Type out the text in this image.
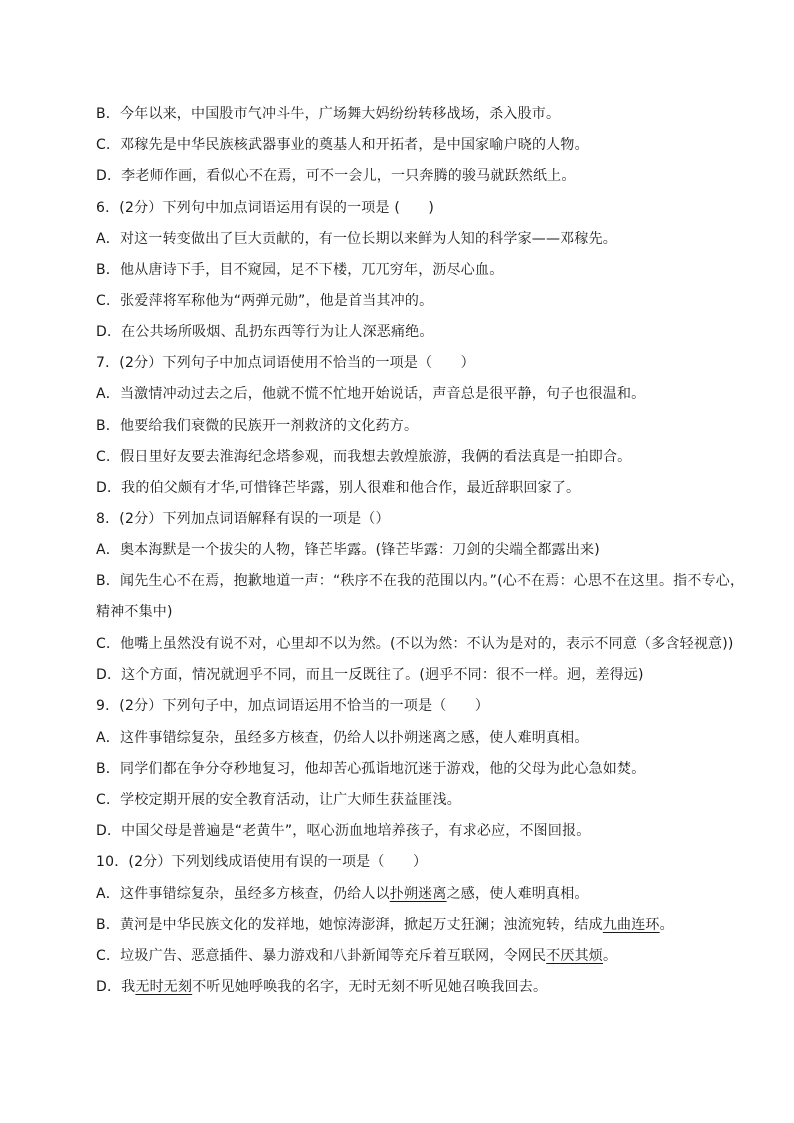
B．今年以来，中国股市气冲斗牛，广场舞大妈纷纷转移战场，杀入股市。
C．邓稼先是中华民族核武器事业的奠基人和开拓者，是中国家喻户晓的人物。
D．李老师作画，看似心不在焉，可不一会儿，一只奔腾的骏马就跃然纸上。
6．(2分）下列句中加点词语运用有误的一项是 (　　)
A．对这一转变做出了巨大贡献的，有一位长期以来鲜为人知的科学家——邓稼先。
B．他从唐诗下手，目不窥园，足不下楼，兀兀穷年，沥尽心血。
C．张爱萍将军称他为“两弹元勋”，他是首当其冲的。
D．在公共场所吸烟、乱扔东西等行为让人深恶痛绝。
7．(2分）下列句子中加点词语使用不恰当的一项是（　　）
A．当激情冲动过去之后，他就不慌不忙地开始说话，声音总是很平静，句子也很温和。
B．他要给我们衰微的民族开一剂救济的文化药方。
C．假日里好友要去淮海纪念塔参观，而我想去敦煌旅游，我俩的看法真是一拍即合。
D．我的伯父颇有才华,可惜锋芒毕露，别人很难和他合作，最近辞职回家了。
8．(2分）下列加点词语解释有误的一项是（）
A．奥本海默是一个拔尖的人物，锋芒毕露。(锋芒毕露：刀剑的尖端全都露出来)
B．闻先生心不在焉，抱歉地道一声：“秩序不在我的范围以内。”(心不在焉：心思不在这里。指不专心，
精神不集中)
C．他嘴上虽然没有说不对，心里却不以为然。(不以为然：不认为是对的，表示不同意（多含轻视意))
D．这个方面，情况就迥乎不同，而且一反既往了。(迥乎不同：很不一样。迥，差得远)
9．(2分）下列句子中，加点词语运用不恰当的一项是（　　）
A．这件事错综复杂，虽经多方核查，仍给人以扑朔迷离之感，使人难明真相。
B．同学们都在争分夺秒地复习，他却苦心孤诣地沉迷于游戏，他的父母为此心急如焚。
C．学校定期开展的安全教育活动，让广大师生获益匪浅。
D．中国父母是普遍是“老黄牛”，呕心沥血地培养孩子，有求必应，不图回报。
10．(2分）下列划线成语使用有误的一项是（　　）
A．这件事错综复杂，虽经多方核查，仍给人以扑朔迷离之感，使人难明真相。
B．黄河是中华民族文化的发祥地，她惊涛澎湃，掀起万丈狂澜；浊流宛转，结成九曲连环。
C．垃圾广告、恶意插件、暴力游戏和八卦新闻等充斥着互联网，令网民不厌其烦。
D．我无时无刻不听见她呼唤我的名字，无时无刻不听见她召唤我回去。
